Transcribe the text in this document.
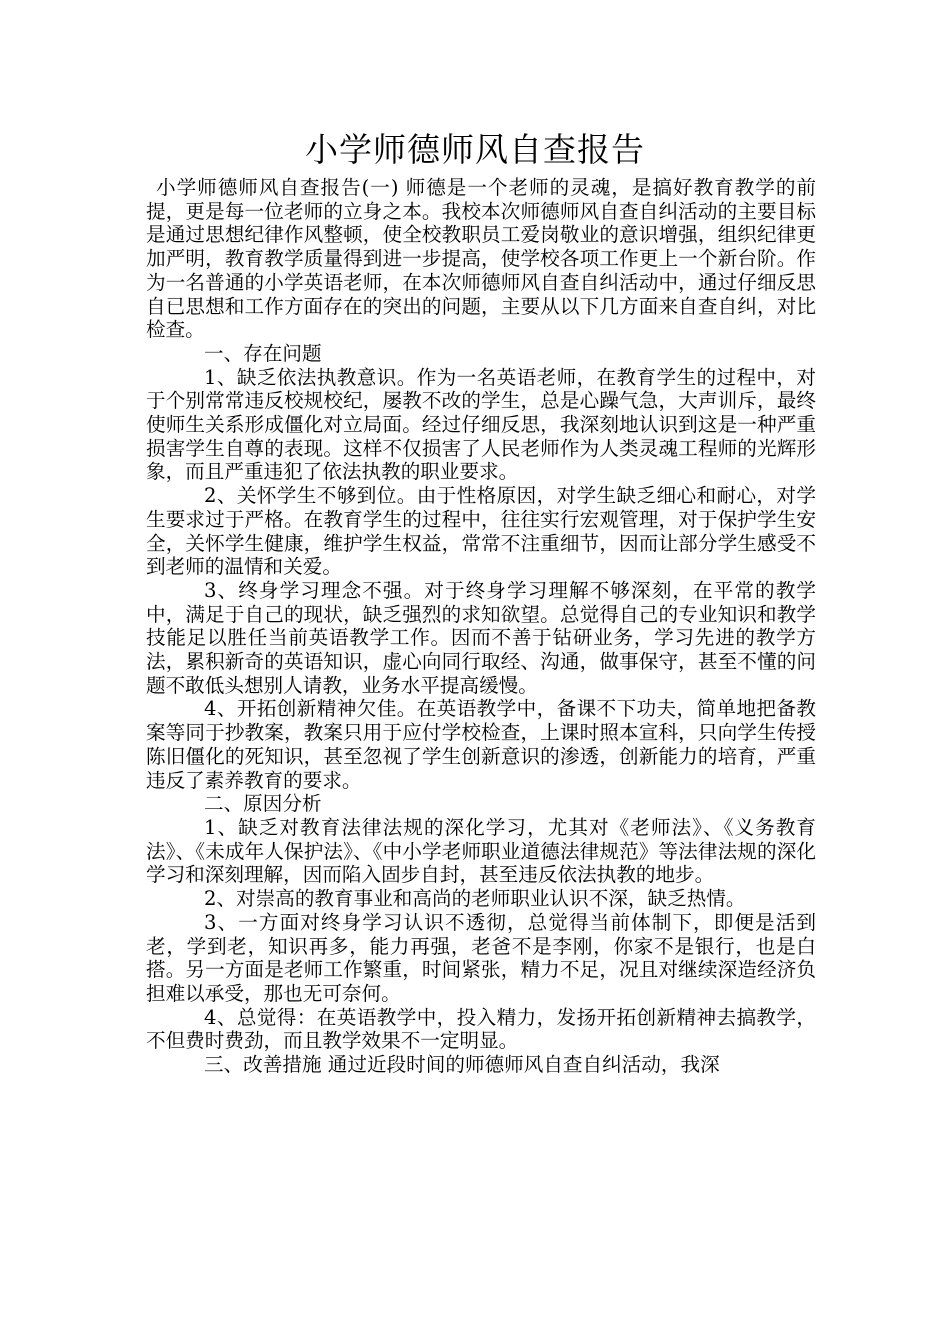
小学师德师风自查报告

小学师德师风自查报告(一) 师德是一个老师的灵魂，是搞好教育教学的前提，更是每一位老师的立身之本。我校本次师德师风自查自纠活动的主要目标是通过思想纪律作风整顿，使全校教职员工爱岗敬业的意识增强，组织纪律更加严明，教育教学质量得到进一步提高，使学校各项工作更上一个新台阶。作为一名普通的小学英语老师，在本次师德师风自查自纠活动中，通过仔细反思自已思想和工作方面存在的突出的问题，主要从以下几方面来自查自纠，对比检查。

一、存在问题

1、缺乏依法执教意识。作为一名英语老师，在教育学生的过程中，对于个别常常违反校规校纪，屡教不改的学生，总是心躁气急，大声训斥，最终使师生关系形成僵化对立局面。经过仔细反思，我深刻地认识到这是一种严重损害学生自尊的表现。这样不仅损害了人民老师作为人类灵魂工程师的光辉形象，而且严重违犯了依法执教的职业要求。

2、关怀学生不够到位。由于性格原因，对学生缺乏细心和耐心，对学生要求过于严格。在教育学生的过程中，往往实行宏观管理，对于保护学生安全，关怀学生健康，维护学生权益，常常不注重细节，因而让部分学生感受不到老师的温情和关爱。

3、终身学习理念不强。对于终身学习理解不够深刻，在平常的教学中，满足于自己的现状，缺乏强烈的求知欲望。总觉得自己的专业知识和教学技能足以胜任当前英语教学工作。因而不善于钻研业务，学习先进的教学方法，累积新奇的英语知识，虚心向同行取经、沟通，做事保守，甚至不懂的问题不敢低头想别人请教，业务水平提高缓慢。

4、开拓创新精神欠佳。在英语教学中，备课不下功夫，简单地把备教案等同于抄教案，教案只用于应付学校检查，上课时照本宣科，只向学生传授陈旧僵化的死知识，甚至忽视了学生创新意识的渗透，创新能力的培育，严重违反了素养教育的要求。

二、原因分析

1、缺乏对教育法律法规的深化学习，尤其对《老师法》、《义务教育法》、《未成年人保护法》、《中小学老师职业道德法律规范》等法律法规的深化学习和深刻理解，因而陷入固步自封，甚至违反依法执教的地步。

2、对崇高的教育事业和高尚的老师职业认识不深，缺乏热情。

3、一方面对终身学习认识不透彻，总觉得当前体制下，即便是活到老，学到老，知识再多，能力再强，老爸不是李刚，你家不是银行，也是白搭。另一方面是老师工作繁重，时间紧张，精力不足，况且对继续深造经济负担难以承受，那也无可奈何。

4、总觉得：在英语教学中，投入精力，发扬开拓创新精神去搞教学，不但费时费劲，而且教学效果不一定明显。

三、改善措施 通过近段时间的师德师风自查自纠活动，我深
